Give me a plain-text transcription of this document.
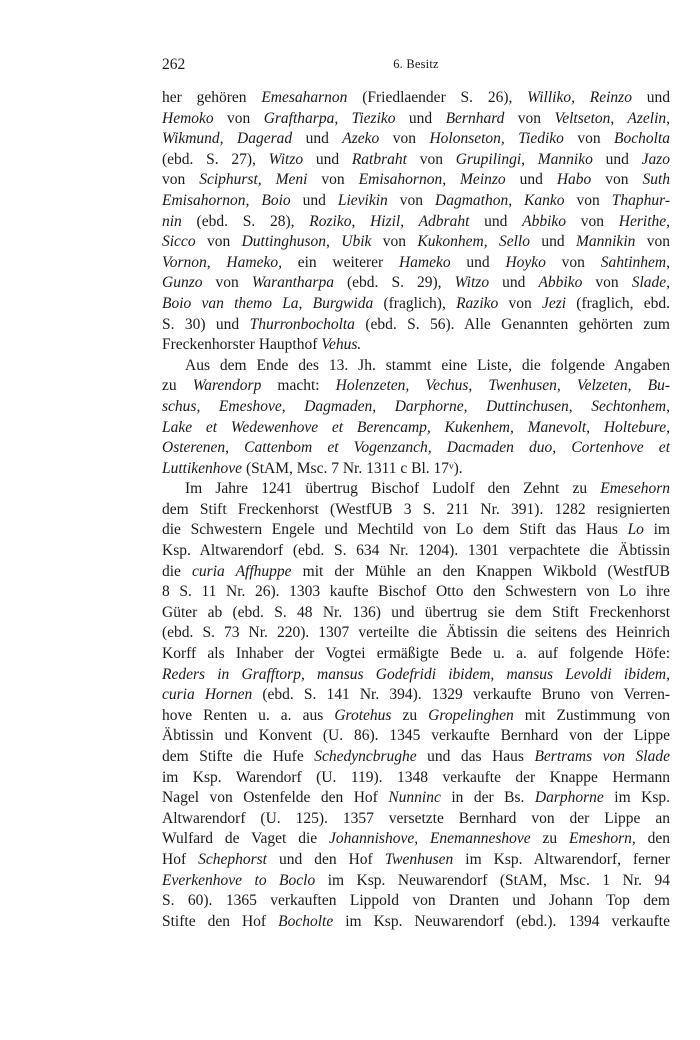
262	6. Besitz
her gehören Emesaharnon (Friedlaender S. 26), Williko, Reinzo und
Hemoko von Graftharpa, Tieziko und Bernhard von Veltseton, Azelin,
Wikmund, Dagerad und Azeko von Holonseton, Tiediko von Bocholta
(ebd. S. 27), Witzo und Ratbraht von Grupilingi, Manniko und Jazo
von Sciphurst, Meni von Emisahornon, Meinzo und Habo von Suth
Emisahornon, Boio und Lievikin von Dagmathon, Kanko von Thaphur-
nin (ebd. S. 28), Roziko, Hizil, Adbraht und Abbiko von Herithe,
Sicco von Duttinghuson, Ubik von Kukonhem, Sello und Mannikin von
Vornon, Hameko, ein weiterer Hameko und Hoyko von Sahtinhem,
Gunzo von Warantharpa (ebd. S. 29), Witzo und Abbiko von Slade,
Boio van themo La, Burgwida (fraglich), Raziko von Jezi (fraglich, ebd.
S. 30) und Thurronbocholta (ebd. S. 56). Alle Genannten gehörten zum
Freckenhorster Haupthof Vehus.
Aus dem Ende des 13. Jh. stammt eine Liste, die folgende Angaben
zu Warendorp macht: Holenzeten, Vechus, Twenhusen, Velzeten, Bu-
schus, Emeshove, Dagmaden, Darphorne, Duttinchusen, Sechtonhem,
Lake et Wedewenhove et Berencamp, Kukenhem, Manevolt, Holtebure,
Osterenen, Cattenbom et Vogenzanch, Dacmaden duo, Cortenhove et
Luttikenhove (StAM, Msc. 7 Nr. 1311 c Bl. 17ᵛ).
Im Jahre 1241 übertrug Bischof Ludolf den Zehnt zu Emesehorn
dem Stift Freckenhorst (WestfUB 3 S. 211 Nr. 391). 1282 resignierten
die Schwestern Engele und Mechtild von Lo dem Stift das Haus Lo im
Ksp. Altwarendorf (ebd. S. 634 Nr. 1204). 1301 verpachtete die Äbtissin
die curia Affhuppe mit der Mühle an den Knappen Wikbold (WestfUB
8 S. 11 Nr. 26). 1303 kaufte Bischof Otto den Schwestern von Lo ihre
Güter ab (ebd. S. 48 Nr. 136) und übertrug sie dem Stift Freckenhorst
(ebd. S. 73 Nr. 220). 1307 verteilte die Äbtissin die seitens des Heinrich
Korff als Inhaber der Vogtei ermäßigte Bede u. a. auf folgende Höfe:
Reders in Grafftorp, mansus Godefridi ibidem, mansus Levoldi ibidem,
curia Hornen (ebd. S. 141 Nr. 394). 1329 verkaufte Bruno von Verren-
hove Renten u. a. aus Grotehus zu Gropelinghen mit Zustimmung von
Äbtissin und Konvent (U. 86). 1345 verkaufte Bernhard von der Lippe
dem Stifte die Hufe Schedyncbrughe und das Haus Bertrams von Slade
im Ksp. Warendorf (U. 119). 1348 verkaufte der Knappe Hermann
Nagel von Ostenfelde den Hof Nunninc in der Bs. Darphorne im Ksp.
Altwarendorf (U. 125). 1357 versetzte Bernhard von der Lippe an
Wulfard de Vaget die Johannishove, Enemanneshove zu Emeshorn, den
Hof Schephorst und den Hof Twenhusen im Ksp. Altwarendorf, ferner
Everkenhove to Boclo im Ksp. Neuwarendorf (StAM, Msc. 1 Nr. 94
S. 60). 1365 verkauften Lippold von Dranten und Johann Top dem
Stifte den Hof Bocholte im Ksp. Neuwarendorf (ebd.). 1394 verkaufte
